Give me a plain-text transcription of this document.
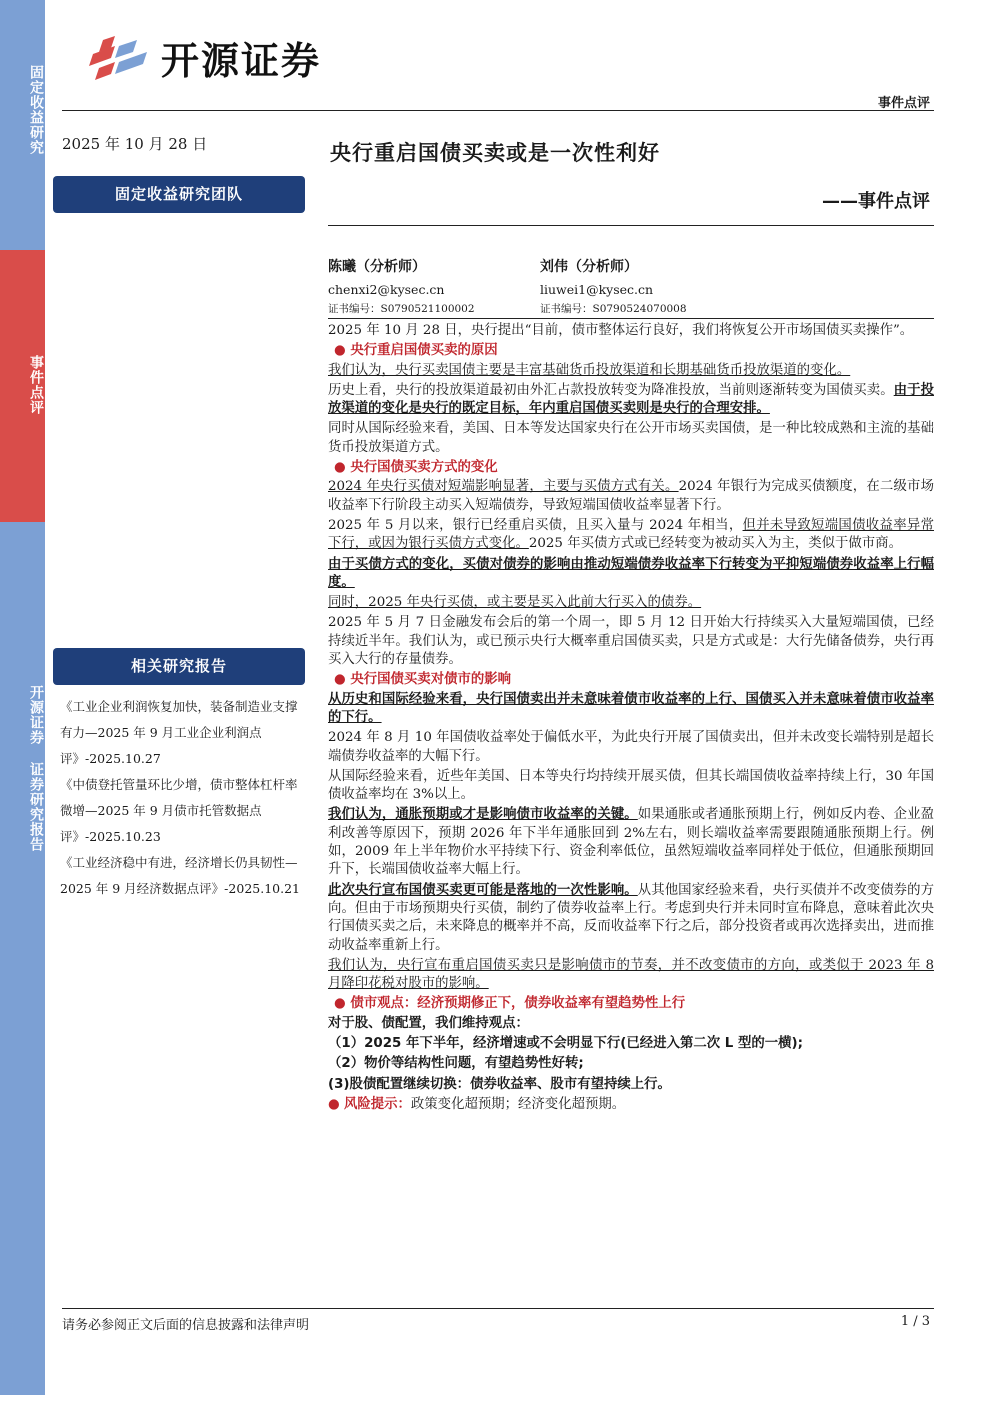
固定收益研究
事件点评
开源证券 证券研究报告
开源证券
事件点评
2025 年 10 月 28 日	央行重启国债买卖或是一次性利好
——事件点评
固定收益研究团队
陈曦（分析师）
chenxi2@kysec.cn
证书编号：S0790521100002
刘伟（分析师）
liuwei1@kysec.cn
证书编号：S0790524070008
相关研究报告
《工业企业利润恢复加快，装备制造业支撑有力—2025 年 9 月工业企业利润点评》-2025.10.27
《中债登托管量环比少增，债市整体杠杆率微增—2025 年 9 月债市托管数据点评》-2025.10.23
《工业经济稳中有进，经济增长仍具韧性—2025 年 9 月经济数据点评》-2025.10.21

2025 年 10 月 28 日，央行提出“目前，债市整体运行良好，我们将恢复公开市场国债买卖操作”。

● 央行重启国债买卖的原因

我们认为，央行买卖国债主要是丰富基础货币投放渠道和长期基础货币投放渠道的变化。

历史上看，央行的投放渠道最初由外汇占款投放转变为降准投放，当前则逐渐转变为国债买卖。由于投放渠道的变化是央行的既定目标，年内重启国债买卖则是央行的合理安排。

同时从国际经验来看，美国、日本等发达国家央行在公开市场买卖国债，是一种比较成熟和主流的基础货币投放渠道方式。

● 央行国债买卖方式的变化

2024 年央行买债对短端影响显著，主要与买债方式有关。2024 年银行为完成买债额度，在二级市场收益率下行阶段主动买入短端债券，导致短端国债收益率显著下行。

2025 年 5 月以来，银行已经重启买债，且买入量与 2024 年相当，但并未导致短端国债收益率异常下行，或因为银行买债方式变化。2025 年买债方式或已经转变为被动买入为主，类似于做市商。

由于买债方式的变化，买债对债券的影响由推动短端债券收益率下行转变为平抑短端债券收益率上行幅度。

同时，2025 年央行买债，或主要是买入此前大行买入的债券。

2025 年 5 月 7 日金融发布会后的第一个周一，即 5 月 12 日开始大行持续买入大量短端国债，已经持续近半年。我们认为，或已预示央行大概率重启国债买卖，只是方式或是：大行先储备债券，央行再买入大行的存量债券。

● 央行国债买卖对债市的影响

从历史和国际经验来看，央行国债卖出并未意味着债市收益率的上行、国债买入并未意味着债市收益率的下行。

2024 年 8 月 10 年国债收益率处于偏低水平，为此央行开展了国债卖出，但并未改变长端特别是超长端债券收益率的大幅下行。

从国际经验来看，近些年美国、日本等央行均持续开展买债，但其长端国债收益率持续上行，30 年国债收益率均在 3%以上。

我们认为，通胀预期或才是影响债市收益率的关键。如果通胀或者通胀预期上行，例如反内卷、企业盈利改善等原因下，预期 2026 年下半年通胀回到 2%左右，则长端收益率需要跟随通胀预期上行。例如，2009 年上半年物价水平持续下行、资金利率低位，虽然短端收益率同样处于低位，但通胀预期回升下，长端国债收益率大幅上行。

此次央行宣布国债买卖更可能是落地的一次性影响。从其他国家经验来看，央行买债并不改变债券的方向。但由于市场预期央行买债，制约了债券收益率上行。考虑到央行并未同时宣布降息，意味着此次央行国债买卖之后，未来降息的概率并不高，反而收益率下行之后，部分投资者或再次选择卖出，进而推动收益率重新上行。

我们认为，央行宣布重启国债买卖只是影响债市的节奏，并不改变债市的方向，或类似于 2023 年 8 月降印花税对股市的影响。

● 债市观点：经济预期修正下，债券收益率有望趋势性上行

对于股、债配置，我们维持观点：

（1）2025 年下半年，经济增速或不会明显下行(已经进入第二次 L 型的一横);

（2）物价等结构性问题，有望趋势性好转;

(3)股债配置继续切换：债券收益率、股市有望持续上行。

● 风险提示：政策变化超预期；经济变化超预期。

请务必参阅正文后面的信息披露和法律声明	1 / 3
